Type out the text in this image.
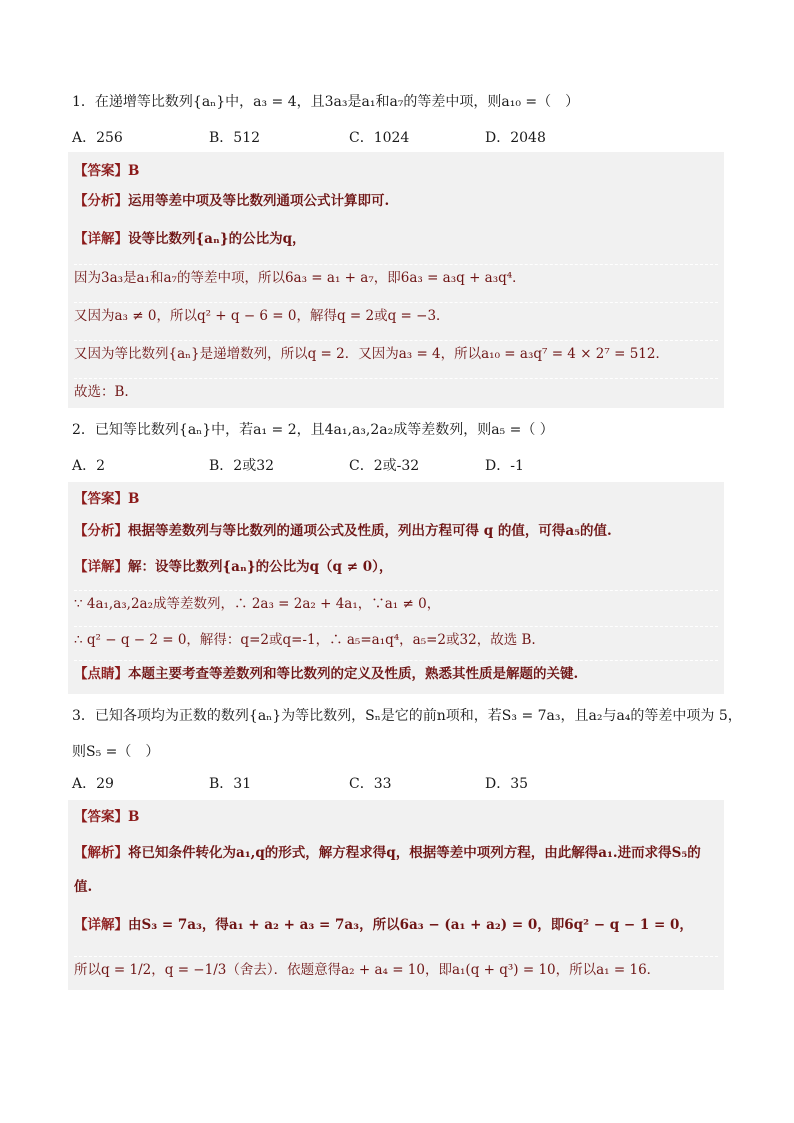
1．在递增等比数列{aₙ}中，a₃ = 4，且3a₃是a₁和a₇的等差中项，则a₁₀ =（　）
A．256	B．512	C．1024	D．2048
【答案】B
【分析】运用等差中项及等比数列通项公式计算即可.
【详解】设等比数列{aₙ}的公比为q，
因为3a₃是a₁和a₇的等差中项，所以6a₃ = a₁ + a₇，即6a₃ = a₃q + a₃q⁴．
又因为a₃ ≠ 0，所以q² + q − 6 = 0，解得q = 2或q = −3．
又因为等比数列{aₙ}是递增数列，所以q = 2．又因为a₃ = 4，所以a₁₀ = a₃q⁷ = 4 × 2⁷ = 512．
故选：B.
2．已知等比数列{aₙ}中，若a₁ = 2，且4a₁,a₃,2a₂成等差数列，则a₅ =（ ）
A．2	B．2或32	C．2或-32	D．-1
【答案】B
【分析】根据等差数列与等比数列的通项公式及性质，列出方程可得 q 的值，可得a₅的值.
【详解】解：设等比数列{aₙ}的公比为q（q ≠ 0），
∵ 4a₁,a₃,2a₂成等差数列，∴ 2a₃ = 2a₂ + 4a₁，∵a₁ ≠ 0，
∴ q² − q − 2 = 0，解得：q=2或q=-1，∴ a₅=a₁q⁴，a₅=2或32，故选 B.
【点睛】本题主要考查等差数列和等比数列的定义及性质，熟悉其性质是解题的关键.
3．已知各项均为正数的数列{aₙ}为等比数列，Sₙ是它的前n项和，若S₃ = 7a₃，且a₂与a₄的等差中项为 5，
则S₅ =（　）
A．29	B．31	C．33	D．35
【答案】B
【解析】将已知条件转化为a₁,q的形式，解方程求得q，根据等差中项列方程，由此解得a₁.进而求得S₅的
值.
【详解】由S₃ = 7a₃，得a₁ + a₂ + a₃ = 7a₃，所以6a₃ − (a₁ + a₂) = 0，即6q² − q − 1 = 0，
所以q = 1/2，q = −1/3（舍去）．依题意得a₂ + a₄ = 10，即a₁(q + q³) = 10，所以a₁ = 16．
